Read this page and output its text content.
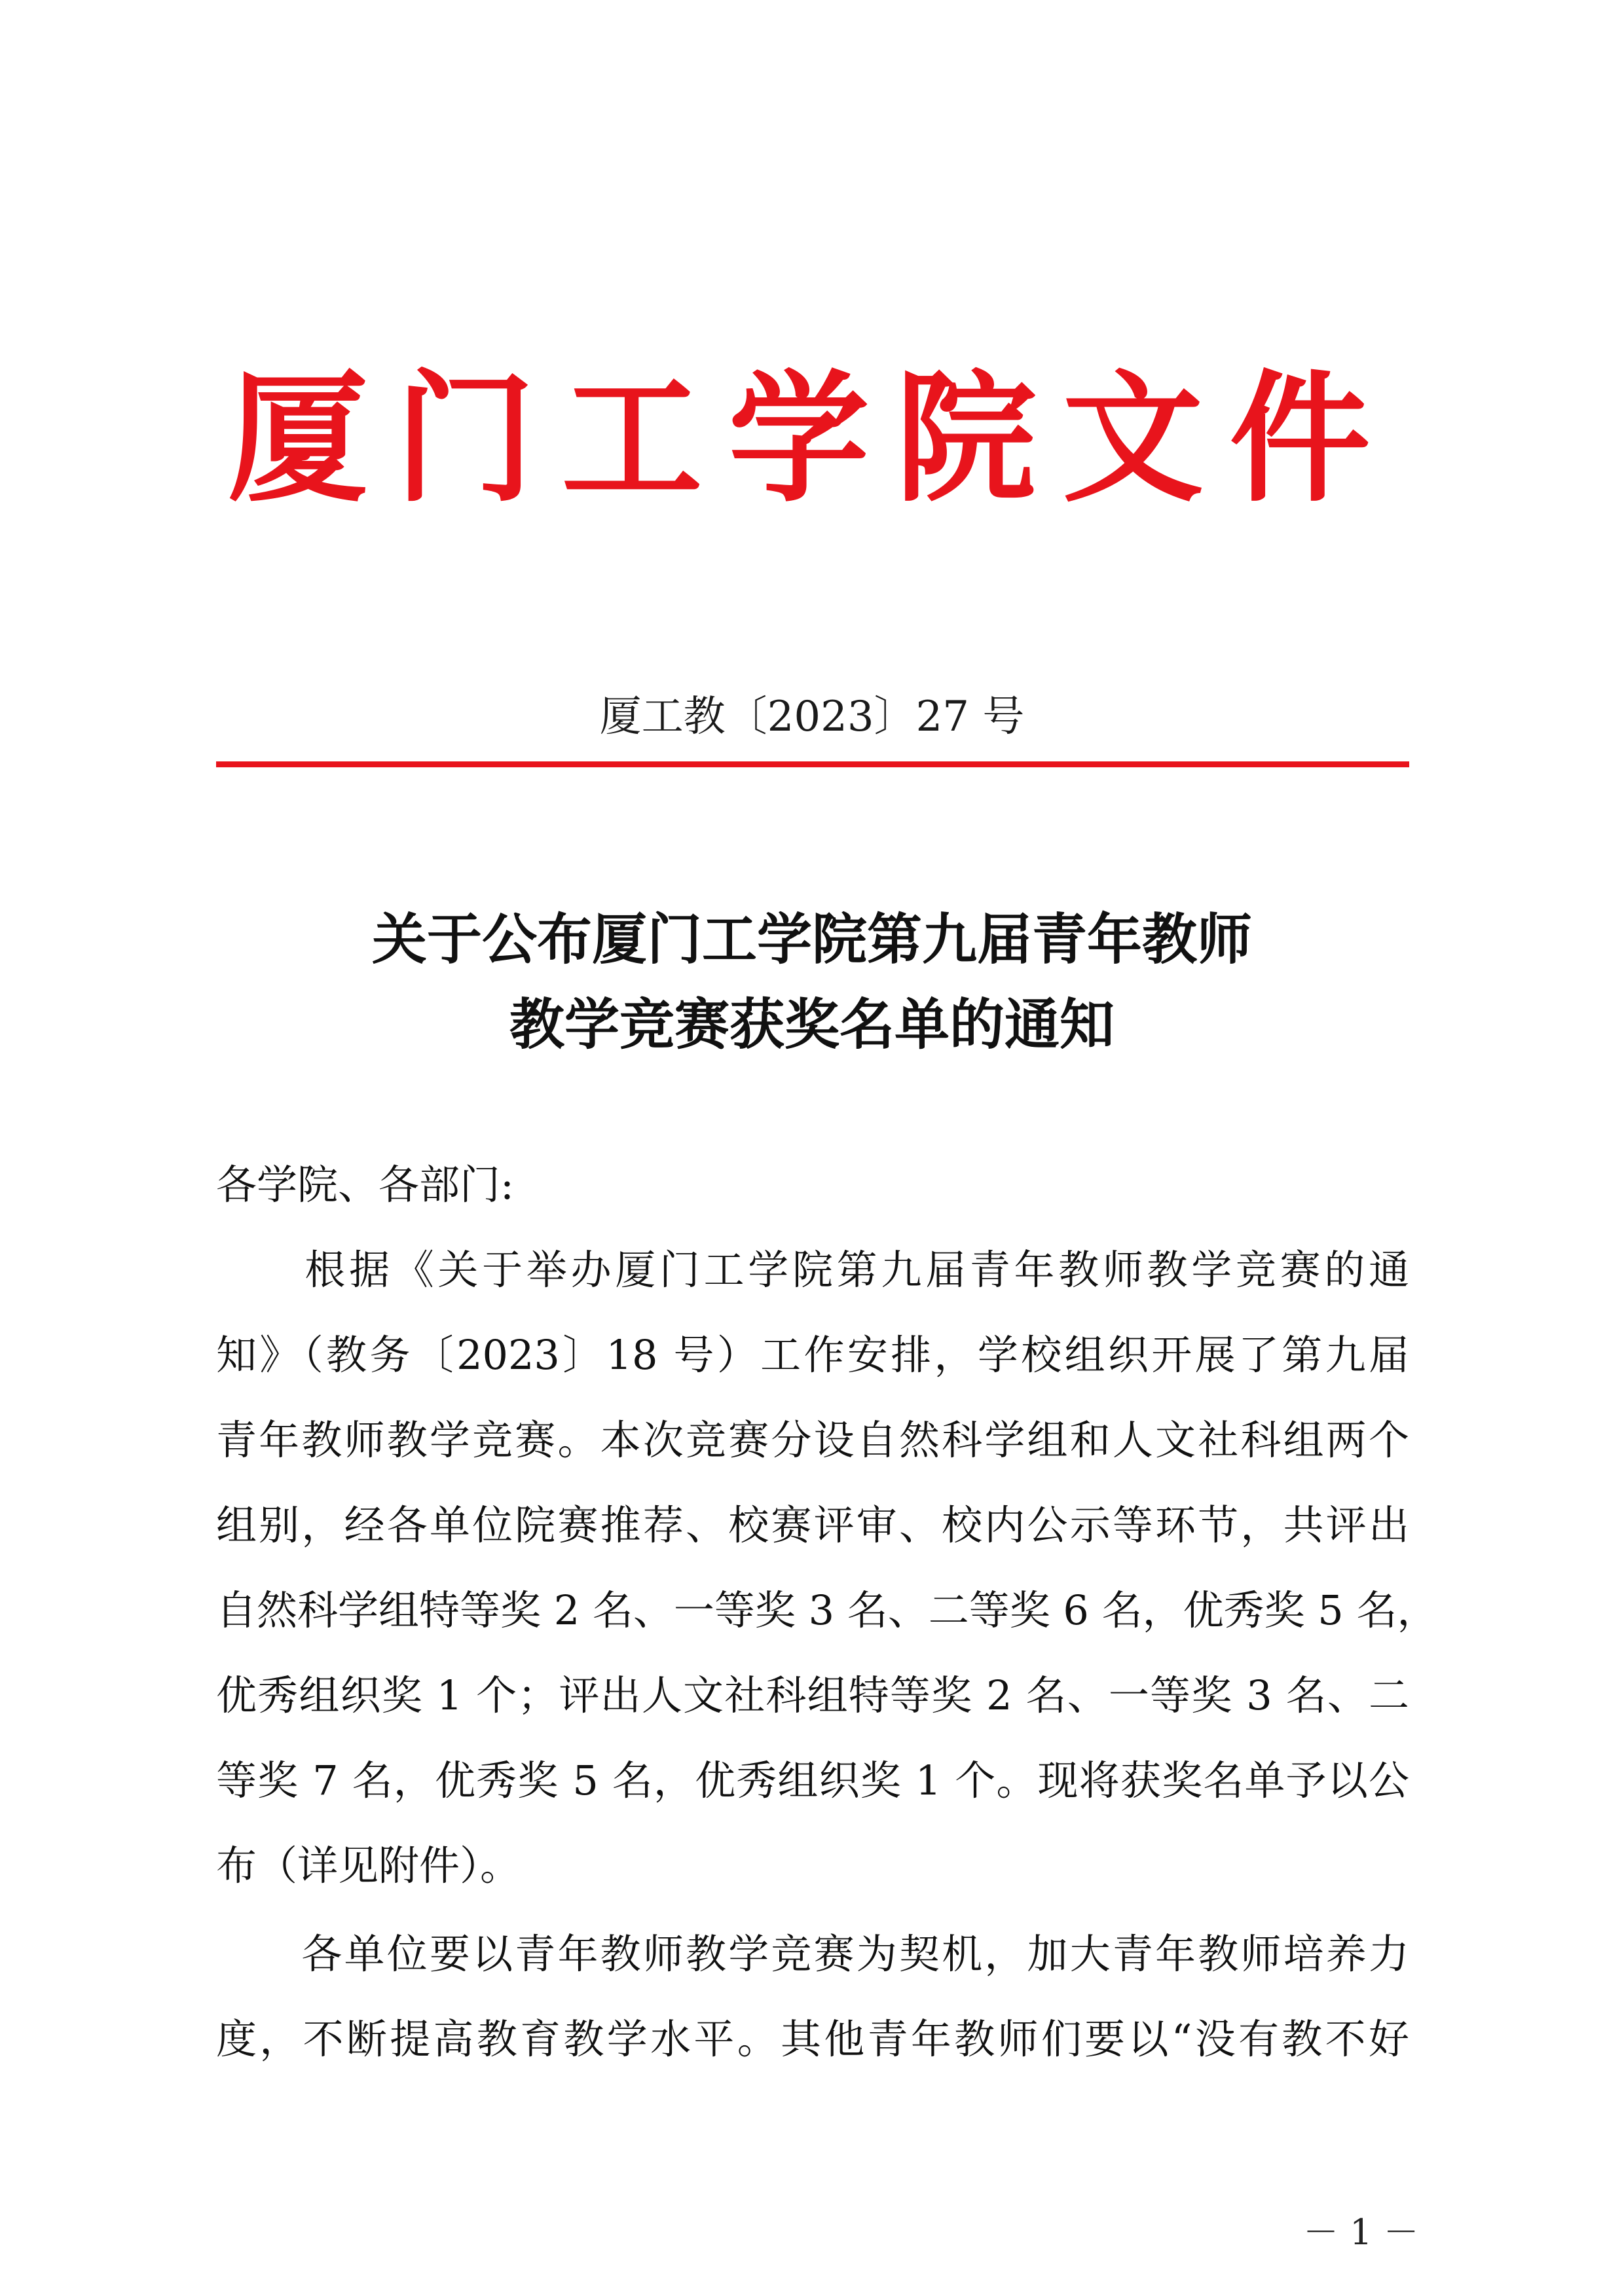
厦门工学院文件
厦工教〔2023〕27 号
关于公布厦门工学院第九届青年教师
教学竞赛获奖名单的通知
各学院、各部门:
　　根据《关于举办厦门工学院第九届青年教师教学竞赛的通
知》（教务〔2023〕18 号）工作安排，学校组织开展了第九届
青年教师教学竞赛。本次竞赛分设自然科学组和人文社科组两个
组别，经各单位院赛推荐、校赛评审、校内公示等环节，共评出
自然科学组特等奖 2 名、一等奖 3 名、二等奖 6 名，优秀奖 5 名，
优秀组织奖 1 个；评出人文社科组特等奖 2 名、一等奖 3 名、二
等奖 7 名，优秀奖 5 名，优秀组织奖 1 个。现将获奖名单予以公
布（详见附件）。
　　各单位要以青年教师教学竞赛为契机，加大青年教师培养力
度，不断提高教育教学水平。其他青年教师们要以“没有教不好
－ 1 －
